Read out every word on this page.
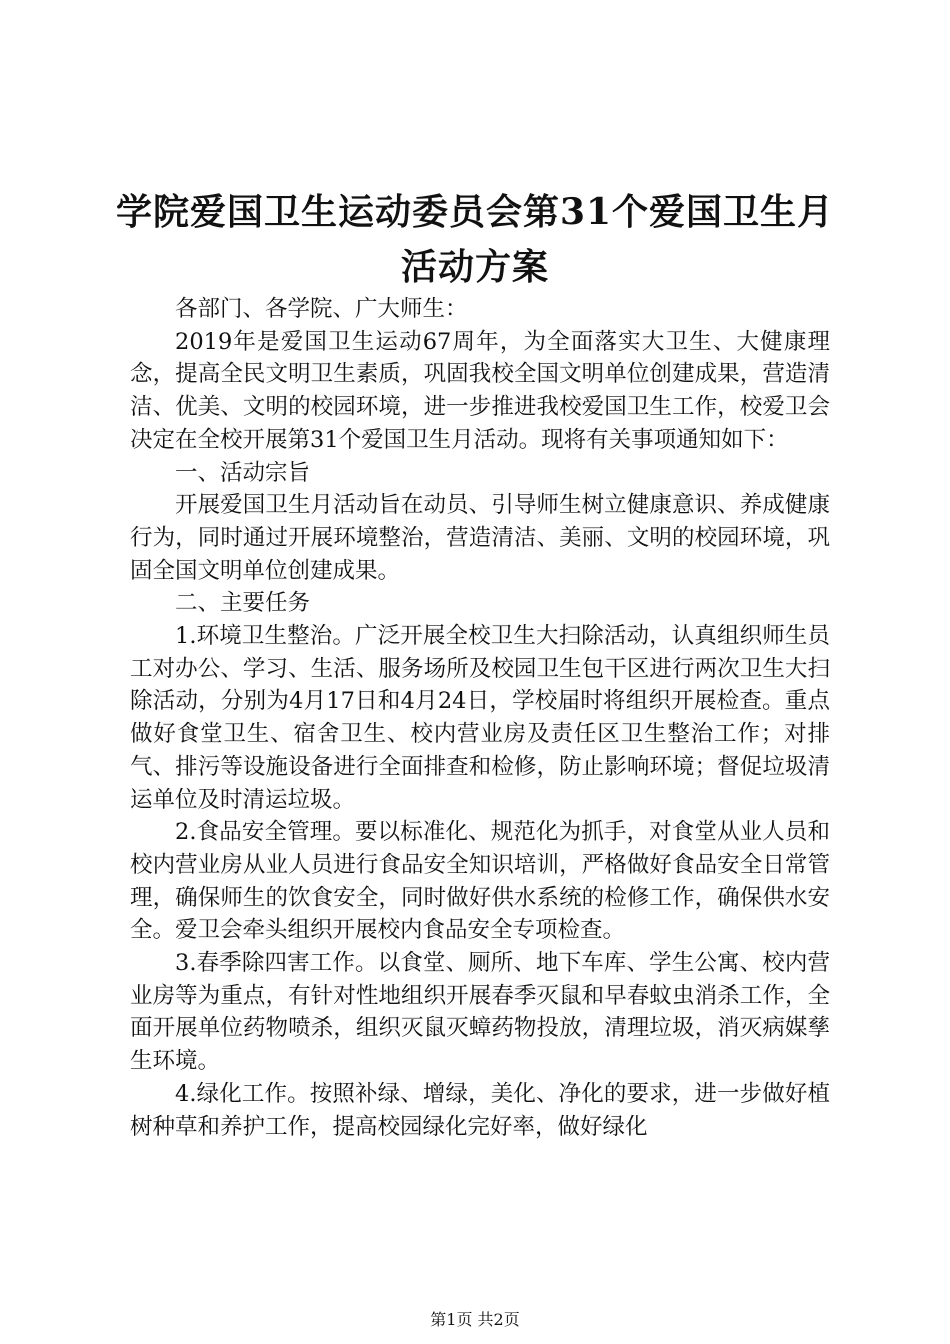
学院爱国卫生运动委员会第31个爱国卫生月
活动方案

各部门、各学院、广大师生：

2019年是爱国卫生运动67周年，为全面落实大卫生、大健康理念，提高全民文明卫生素质，巩固我校全国文明单位创建成果，营造清洁、优美、文明的校园环境，进一步推进我校爱国卫生工作，校爱卫会决定在全校开展第31个爱国卫生月活动。现将有关事项通知如下：

一、活动宗旨

开展爱国卫生月活动旨在动员、引导师生树立健康意识、养成健康行为，同时通过开展环境整治，营造清洁、美丽、文明的校园环境，巩固全国文明单位创建成果。

二、主要任务

1.环境卫生整治。广泛开展全校卫生大扫除活动，认真组织师生员工对办公、学习、生活、服务场所及校园卫生包干区进行两次卫生大扫除活动，分别为4月17日和4月24日，学校届时将组织开展检查。重点做好食堂卫生、宿舍卫生、校内营业房及责任区卫生整治工作；对排气、排污等设施设备进行全面排查和检修，防止影响环境；督促垃圾清运单位及时清运垃圾。

2.食品安全管理。要以标准化、规范化为抓手，对食堂从业人员和校内营业房从业人员进行食品安全知识培训，严格做好食品安全日常管理，确保师生的饮食安全，同时做好供水系统的检修工作，确保供水安全。爱卫会牵头组织开展校内食品安全专项检查。

3.春季除四害工作。以食堂、厕所、地下车库、学生公寓、校内营业房等为重点，有针对性地组织开展春季灭鼠和早春蚊虫消杀工作，全面开展单位药物喷杀，组织灭鼠灭蟑药物投放，清理垃圾，消灭病媒孳生环境。

4.绿化工作。按照补绿、增绿，美化、净化的要求，进一步做好植树种草和养护工作，提高校园绿化完好率，做好绿化

第1页 共2页
